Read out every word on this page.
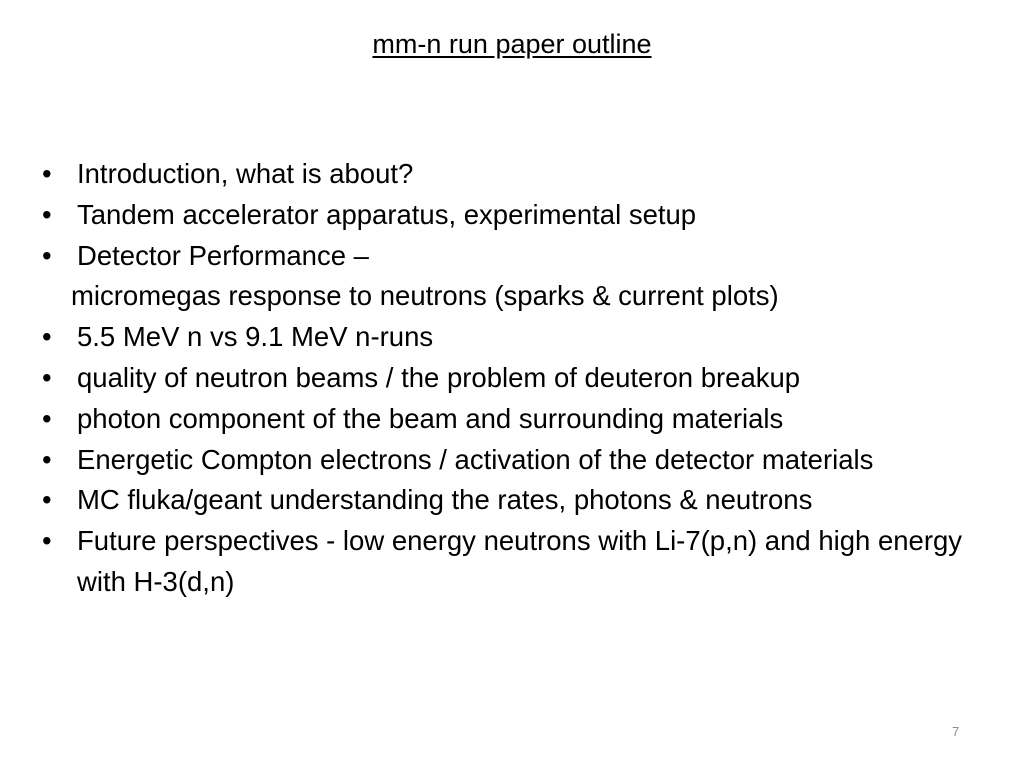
mm-n run paper outline
• Introduction, what is about?
• Tandem accelerator apparatus, experimental setup
• Detector Performance –
micromegas response to neutrons (sparks & current plots)
• 5.5 MeV n vs 9.1 MeV n-runs
• quality of neutron beams / the problem of deuteron breakup
• photon component of the beam and surrounding materials
• Energetic Compton electrons / activation of the detector materials
• MC fluka/geant understanding the rates, photons & neutrons
• Future perspectives - low energy neutrons with Li-7(p,n) and high energy with H-3(d,n)
7
